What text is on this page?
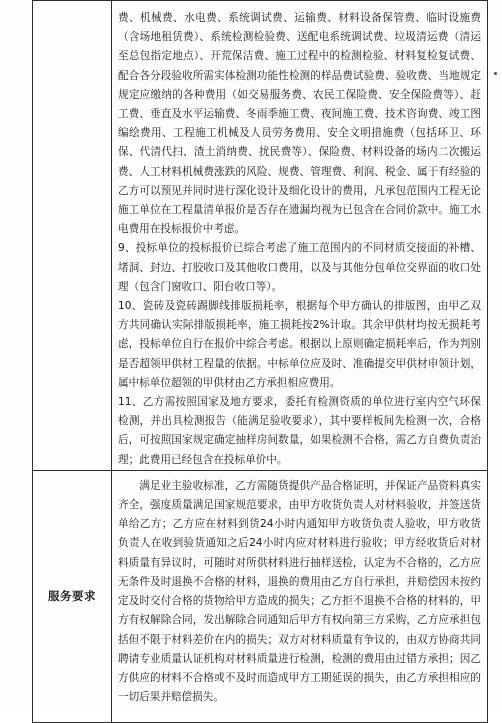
	费、机械费、水电费、系统调试费、运输费、材料设备保管费、临时设施费（含场地租赁费）、系统检测检验费、送配电系统调试费、垃圾清运费（清运至总包指定地点）、开荒保洁费、施工过程中的检测检验、材料复检复试费、配合各分段验收所需实体检测功能性检测的样品费试验费、验收费、当地规定规定应缴纳的各种费用（如交易服务费、农民工保险费、安全保险费等）、赶工费、垂直及水平运输费、冬雨季施工费、夜间施工费、技术咨询费、竣工图编绘费用、工程施工机械及人员劳务费用、安全文明措施费（包括环卫、环保、代清代扫、渣土消纳费、扰民费等）、保险费、材料设备的场内二次搬运费、人工材料机械费涨跌的风险、规费、管理费、利润、税金、属于有经验的乙方可以预见并同时进行深化设计及细化设计的费用，凡承包范围内工程无论施工单位在工程量清单报价是否存在遗漏均视为已包含在合同价款中。施工水电费用在投标报价中考虑。
9、投标单位的投标报价已综合考虑了施工范围内的不同材质交接面的补槽、堵洞、封边、打胶收口及其他收口费用，以及与其他分包单位交界面的收口处理（包含门窗收口、阳台收口等）。
10、瓷砖及瓷砖踢脚线排版损耗率，根据每个甲方确认的排版图，由甲乙双方共同确认实际排版损耗率，施工损耗按2%计取。其余甲供材均按无损耗考虑，投标单位自行在报价中综合考虑。根据以上原则确定损耗率后，作为判别是否超领甲供材工程量的依据。中标单位应及时、准确提交甲供材申领计划，属中标单位超领的甲供材由乙方承担相应费用。
11、乙方需按照国家及地方要求，委托有检测资质的单位进行室内空气环保检测，并出具检测报告（能满足验收要求），其中要样板间先检测一次，合格后，可按照国家规定确定抽样房间数量，如果检测不合格，需乙方自费负责治理；此费用已经包含在投标单价中。

服务要求	满足业主验收标准，乙方需随货提供产品合格证明，并保证产品资料真实齐全，强度质量满足国家规范要求，由甲方收货负责人对材料验收，并签送货单给乙方；乙方应在材料到货24小时内通知甲方收货负责人验收，甲方收货负责人在收到验货通知之后24小时内应对材料进行验收；甲方经收货后对材料质量有异议时，可随时对所供材料进行抽样送检，认定为不合格的，乙方应无条件及时退换不合格的材料，退换的费用由乙方自行承担，并赔偿因未按约定及时交付合格的货物给甲方造成的损失；乙方拒不退换不合格的材料的，甲方有权解除合同，发出解除合同通知后甲方有权向第三方采购，乙方应承担包括但不限于材料差价在内的损失；双方对材料质量有争议的，由双方协商共同聘请专业质量认证机构对材料质量进行检测，检测的费用由过错方承担；因乙方供应的材料不合格或不及时而造成甲方工期延误的损失，由乙方承担相应的一切后果并赔偿损失。
